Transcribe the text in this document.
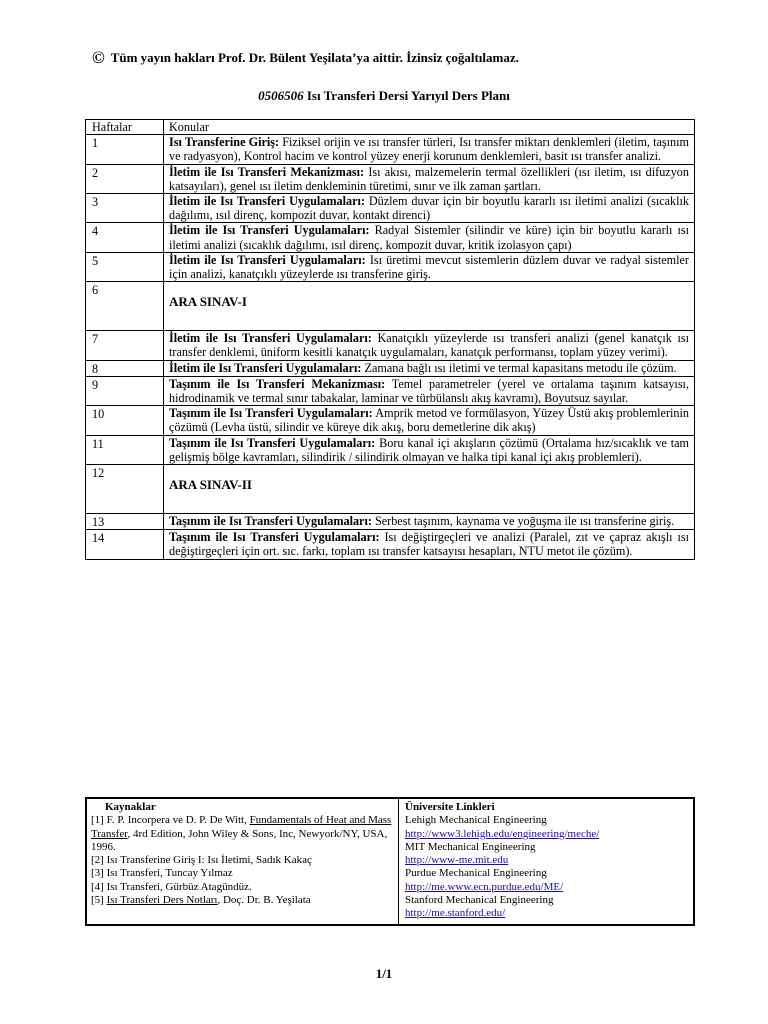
© Tüm yayın hakları Prof. Dr. Bülent Yeşilata’ya aittir. İzinsiz çoğaltılamaz.
0506506 Isı Transferi Dersi Yarıyıl Ders Planı
Haftalar	Konular
1	Isı Transferine Giriş: Fiziksel orijin ve ısı transfer türleri, Isı transfer miktarı denklemleri (iletim, taşınım ve radyasyon), Kontrol hacim ve kontrol yüzey enerji korunum denklemleri, basit ısı transfer analizi.
2	İletim ile Isı Transferi Mekanizması: Isı akısı, malzemelerin termal özellikleri (ısı iletim, ısı difuzyon katsayıları), genel ısı iletim denkleminin türetimi, sınır ve ilk zaman şartları.
3	İletim ile Isı Transferi Uygulamaları: Düzlem duvar için bir boyutlu kararlı ısı iletimi analizi (sıcaklık dağılımı, ısıl direnç, kompozit duvar, kontakt direnci)
4	İletim ile Isı Transferi Uygulamaları: Radyal Sistemler (silindir ve küre) için bir boyutlu kararlı ısı iletimi analizi (sıcaklık dağılımı, ısıl direnç, kompozit duvar, kritik izolasyon çapı)
5	İletim ile Isı Transferi Uygulamaları: Isı üretimi mevcut sistemlerin düzlem duvar ve radyal sistemler için analizi, kanatçıklı yüzeylerde ısı transferine giriş.
6	ARA SINAV-I

7	İletim ile Isı Transferi Uygulamaları: Kanatçıklı yüzeylerde ısı transferi analizi (genel kanatçık ısı transfer denklemi, üniform kesitli kanatçık uygulamaları, kanatçık performansı, toplam yüzey verimi).
8	İletim ile Isı Transferi Uygulamaları: Zamana bağlı ısı iletimi ve termal kapasitans metodu ile çözüm.
9	Taşınım ile Isı Transferi Mekanizması: Temel parametreler (yerel ve ortalama taşınım katsayısı, hidrodinamik ve termal sınır tabakalar, laminar ve türbülanslı akış kavramı), Boyutsuz sayılar.
10	Taşınım ile Isı Transferi Uygulamaları: Amprik metod ve formülasyon, Yüzey Üstü akış problemlerinin çözümü (Levha üstü, silindir ve küreye dik akış, boru demetlerine dik akış)
11	Taşınım ile Isı Transferi Uygulamaları: Boru kanal içi akışların çözümü (Ortalama hız/sıcaklık ve tam gelişmiş bölge kavramları, silindirik / silindirik olmayan ve halka tipi kanal içi akış problemleri).
12	ARA SINAV-II

13	Taşınım ile Isı Transferi Uygulamaları: Serbest taşınım, kaynama ve yoğuşma ile ısı transferine giriş.
14	Taşınım ile Isı Transferi Uygulamaları: Isı değiştirgeçleri ve analizi (Paralel, zıt ve çapraz akışlı ısı değiştirgeçleri için ort. sıc. farkı, toplam ısı transfer katsayısı hesapları, NTU metot ile çözüm).
Kaynaklar
[1] F. P. Incorpera ve D. P. De Witt, Fundamentals of Heat and Mass Transfer, 4rd Edition, John Wiley & Sons, Inc, Newyork/NY, USA, 1996.
[2] Isı Transferine Giriş I: Isı İletimi, Sadık Kakaç
[3] Isı Transferi, Tuncay Yılmaz
[4] Isı Transferi, Gürbüz Atagündüz.
[5] Isı Transferi Ders Notları, Doç. Dr. B. Yeşilata
Üniversite Linkleri
Lehigh Mechanical Engineering
http://www3.lehigh.edu/engineering/meche/
MIT Mechanical Engineering
http://www-me.mit.edu
Purdue Mechanical Engineering
http://me.www.ecn.purdue.edu/ME/
Stanford Mechanical Engineering
http://me.stanford.edu/
1/1
